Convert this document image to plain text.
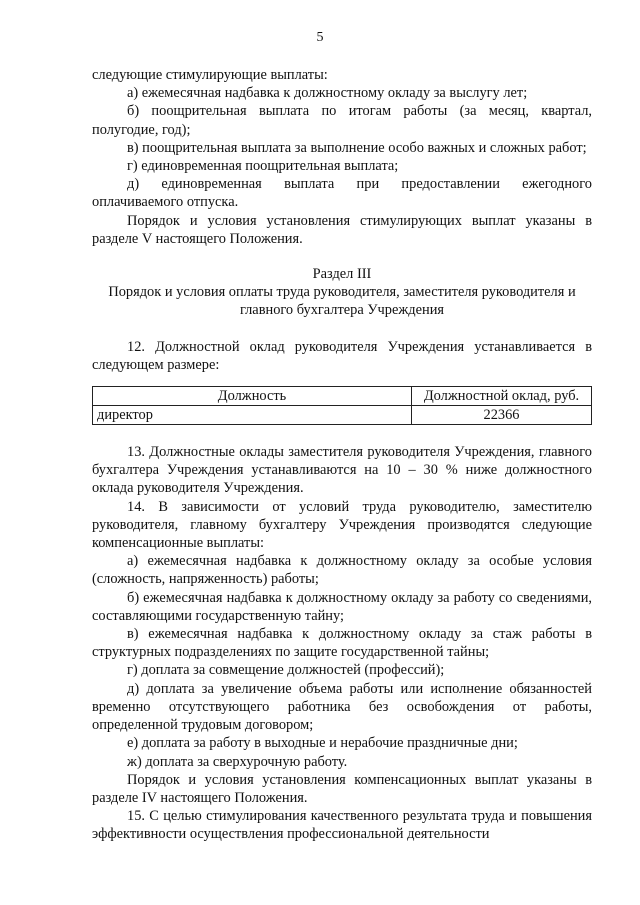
5

следующие стимулирующие выплаты:

а) ежемесячная надбавка к должностному окладу за выслугу лет;

б) поощрительная выплата по итогам работы (за месяц, квартал, полугодие, год);

в) поощрительная выплата за выполнение особо важных и сложных работ;

г) единовременная поощрительная выплата;

д) единовременная выплата при предоставлении ежегодного оплачиваемого отпуска.

Порядок и условия установления стимулирующих выплат указаны в разделе V настоящего Положения.

Раздел III

Порядок и условия оплаты труда руководителя, заместителя руководителя и главного бухгалтера Учреждения

12. Должностной оклад руководителя Учреждения устанавливается в следующем размере:

Должность	Должностной оклад, руб.
директор	22366

13. Должностные оклады заместителя руководителя Учреждения, главного бухгалтера Учреждения устанавливаются на 10 – 30 % ниже должностного оклада руководителя Учреждения.

14. В зависимости от условий труда руководителю, заместителю руководителя, главному бухгалтеру Учреждения производятся следующие компенсационные выплаты:

а) ежемесячная надбавка к должностному окладу за особые условия (сложность, напряженность) работы;

б) ежемесячная надбавка к должностному окладу за работу со сведениями, составляющими государственную тайну;

в) ежемесячная надбавка к должностному окладу за стаж работы в структурных подразделениях по защите государственной тайны;

г) доплата за совмещение должностей (профессий);

д) доплата за увеличение объема работы или исполнение обязанностей временно отсутствующего работника без освобождения от работы, определенной трудовым договором;

е) доплата за работу в выходные и нерабочие праздничные дни;

ж) доплата за сверхурочную работу.

Порядок и условия установления компенсационных выплат указаны в разделе IV настоящего Положения.

15. С целью стимулирования качественного результата труда и повышения эффективности осуществления профессиональной деятельности
